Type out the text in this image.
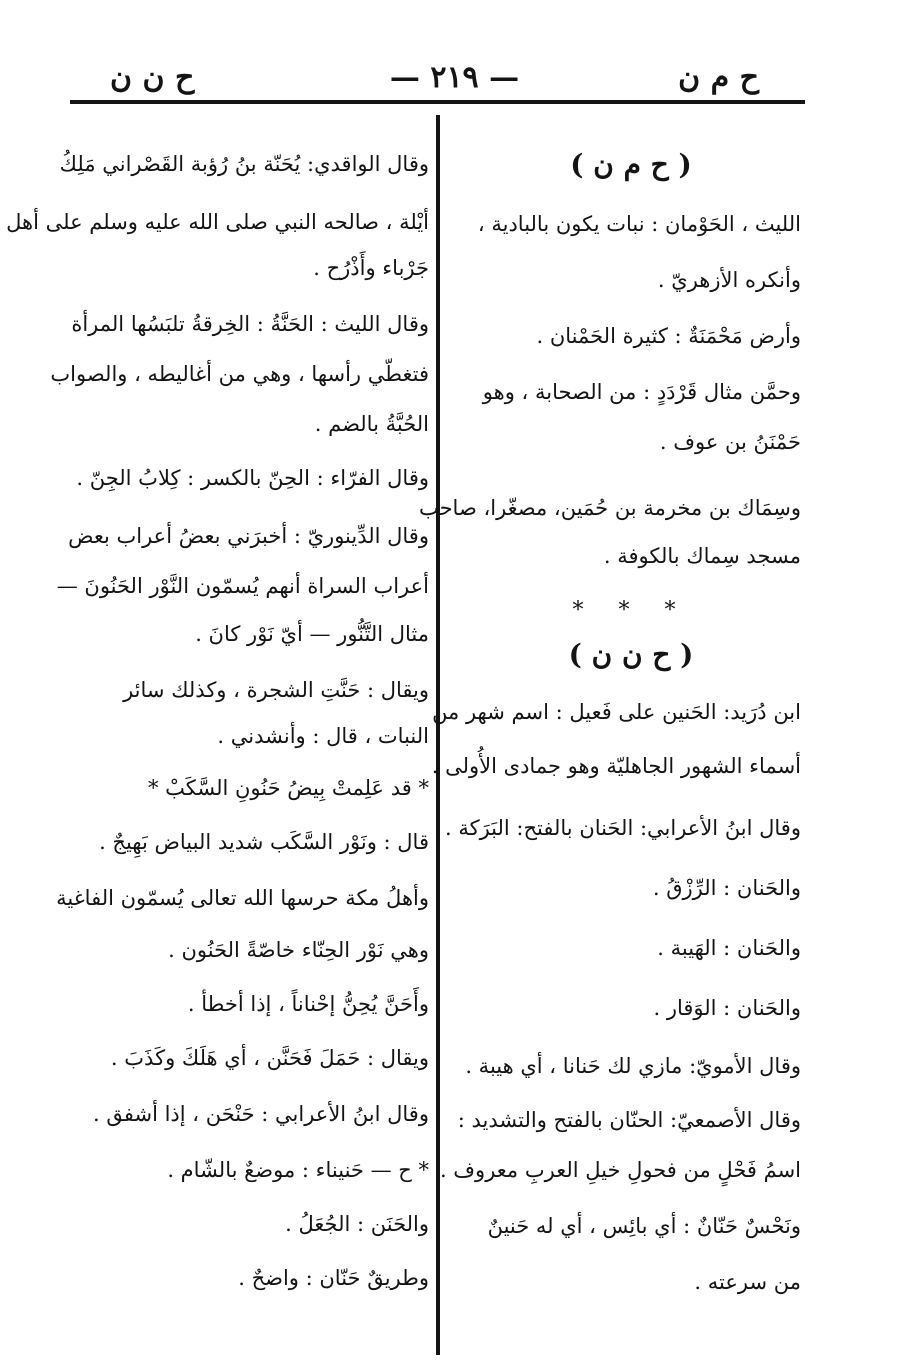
ح م ن
— ٢١٩ —
ح ن ن
( ح م ن )
الليث ، الحَوْمان : نبات يكون بالبادية ،
وأنكره الأزهريّ .
وأرض مَحْمَنَةٌ : كثيرة الحَمْنان .
وحمَّن مثال قَرْدَدٍ : من الصحابة ، وهو
حَمْنَنُ بن عوف .
وسِمَاك بن مخرمة بن حُمَين، مصغّرا، صاحب
مسجد سِماك بالكوفة .
* * *
( ح ن ن )
ابن دُرَيد: الحَنين على فَعيل : اسم شهر من
أسماء الشهور الجاهليّة وهو جمادى الأُولى .
وقال ابنُ الأعرابي: الحَنان بالفتح: البَرَكة .
والحَنان : الرِّزْقُ .
والحَنان : الهَيبة .
والحَنان : الوَقار .
وقال الأمويّ: مازي لك حَنانا ، أي هيبة .
وقال الأصمعيّ: الحنّان بالفتح والتشديد :
اسمُ فَحْلٍ من فحولِ خيلِ العربِ معروف .
ونَحْسٌ حَنّانٌ : أي بائِس ، أي له حَنينٌ
من سرعته .
وقال الواقدي: يُحَنّة بنُ رُؤبة القَصْراني مَلِكُ
أيْلة ، صالحه النبي صلى الله عليه وسلم على أهل
جَرْباء وأَذْرُح .
وقال الليث : الحَنَّةُ : الخِرقةُ تلبَسُها المرأة
فتغطّي رأسها ، وهي من أغاليطه ، والصواب
الحُبَّةُ بالضم .
وقال الفرّاء : الحِنّ بالكسر : كِلابُ الجِنّ .
وقال الدِّينوريّ : أخبرَني بعضُ أعراب بعض
أعراب السراة أنهم يُسمّون النَّوْر الحَنُونَ —
مثال التَّنُّور — أيّ نَوْر كانَ .
ويقال : حَنَّتِ الشجرة ، وكذلك سائر
النبات ، قال : وأنشدني .
* قد عَلِمتْ بِيضُ حَنُونِ السَّكَبْ *
قال : ونَوْر السَّكَب شديد البياض بَهِيجٌ .
وأهلُ مكة حرسها الله تعالى يُسمّون الفاغية
وهي نَوْر الحِنّاء خاصّةً الحَنُون .
وأَحَنَّ يُحِنُّ إحْناناً ، إذا أخطأ .
ويقال : حَمَلَ فَحَنَّن ، أي هَلَكَ وكَذَبَ .
وقال ابنُ الأعرابي : حَنْحَن ، إذا أشفق .
* ح — حَنيناء : موضعٌ بالشّام .
والحَنَن : الجُعَلُ .
وطريقٌ حَنّان : واضحٌ .
